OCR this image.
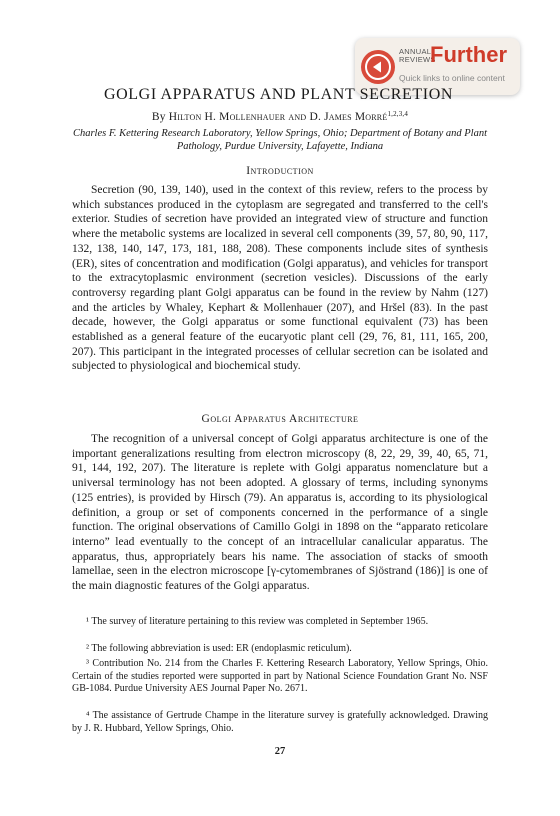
ANNUAL
REVIEWS
Further
Quick links to online content
GOLGI APPARATUS AND PLANT SECRETION
By Hilton H. Mollenhauer and D. James Morré$^{1,2,3,4}$
Charles F. Kettering Research Laboratory, Yellow Springs, Ohio; Department of Botany and Plant Pathology, Purdue University, Lafayette, Indiana
Introduction

Secretion (90, 139, 140), used in the context of this review, refers to the process by which substances produced in the cytoplasm are segregated and transferred to the cell's exterior. Studies of secretion have provided an integrated view of structure and function where the metabolic systems are localized in several cell components (39, 57, 80, 90, 117, 132, 138, 140, 147, 173, 181, 188, 208). These components include sites of synthesis (ER), sites of concentration and modification (Golgi apparatus), and vehicles for transport to the extracytoplasmic environment (secretion vesicles). Discussions of the early controversy regarding plant Golgi apparatus can be found in the review by Nahm (127) and the articles by Whaley, Kephart & Mollenhauer (207), and Hršel (83). In the past decade, however, the Golgi apparatus or some functional equivalent (73) has been established as a general feature of the eucaryotic plant cell (29, 76, 81, 111, 165, 200, 207). This participant in the integrated processes of cellular secretion can be isolated and subjected to physiological and biochemical study.

Golgi Apparatus Architecture

The recognition of a universal concept of Golgi apparatus architecture is one of the important generalizations resulting from electron microscopy (8, 22, 29, 39, 40, 65, 71, 91, 144, 192, 207). The literature is replete with Golgi apparatus nomenclature but a universal terminology has not been adopted. A glossary of terms, including synonyms (125 entries), is provided by Hirsch (79). An apparatus is, according to its physiological definition, a group or set of components concerned in the performance of a single function. The original observations of Camillo Golgi in 1898 on the “apparato reticolare interno” lead eventually to the concept of an intracellular canalicular apparatus. The apparatus, thus, appropriately bears his name. The association of stacks of smooth lamellae, seen in the electron microscope [γ-cytomembranes of Sjöstrand (186)] is one of the main diagnostic features of the Golgi apparatus.

¹ The survey of literature pertaining to this review was completed in September 1965.

² The following abbreviation is used: ER (endoplasmic reticulum).

³ Contribution No. 214 from the Charles F. Kettering Research Laboratory, Yellow Springs, Ohio. Certain of the studies reported were supported in part by National Science Foundation Grant No. NSF GB-1084. Purdue University AES Journal Paper No. 2671.

⁴ The assistance of Gertrude Champe in the literature survey is gratefully acknowledged. Drawing by J. R. Hubbard, Yellow Springs, Ohio.

27
